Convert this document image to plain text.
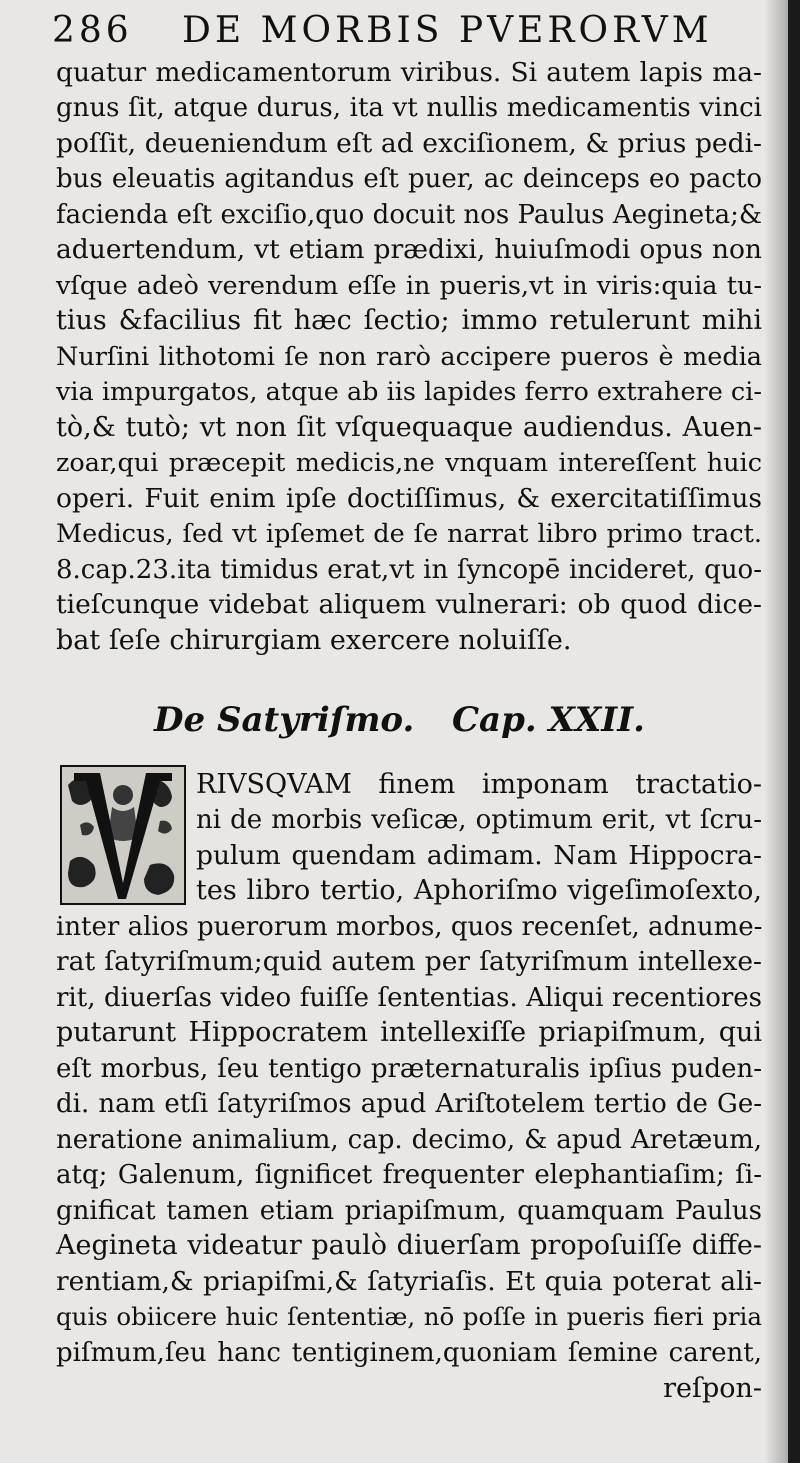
286 DE MORBIS PVERORVM
quatur medicamentorum viribus. Si autem lapis ma-
gnus ſit, atque durus, ita vt nullis medicamentis vinci
poſſit, deueniendum eſt ad exciſionem, & prius pedi-
bus eleuatis agitandus eſt puer, ac deinceps eo pacto
facienda eſt exciſio,quo docuit nos Paulus Aegineta;&
aduertendum, vt etiam prædixi, huiuſmodi opus non
vſque adeò verendum eſſe in pueris,vt in viris:quia tu-
tius &facilius fit hæc ſectio; immo retulerunt mihi
Nurſini lithotomi ſe non rarò accipere pueros è media
via impurgatos, atque ab iis lapides ferro extrahere ci-
tò,& tutò; vt non ſit vſquequaque audiendus. Auen-
zoar,qui præcepit medicis,ne vnquam intereſſent huic
operi. Fuit enim ipſe doctiſſimus, & exercitatiſſimus
Medicus, ſed vt ipſemet de ſe narrat libro primo tract.
8.cap.23.ita timidus erat,vt in ſyncopē incideret, quo-
tieſcunque videbat aliquem vulnerari: ob quod dice-
bat ſeſe chirurgiam exercere noluiſſe.
De Satyriſmo. Cap. XXII.
RIVSQVAM finem imponam tractatio-
ni de morbis veſicæ, optimum erit, vt ſcru-
pulum quendam adimam. Nam Hippocra-
tes libro tertio, Aphoriſmo vigeſimoſexto,
inter alios puerorum morbos, quos recenſet, adnume-
rat ſatyriſmum;quid autem per ſatyriſmum intellexe-
rit, diuerſas video fuiſſe ſententias. Aliqui recentiores
putarunt Hippocratem intellexiſſe priapiſmum, qui
eſt morbus, ſeu tentigo præternaturalis ipſius puden-
di. nam etſi ſatyriſmos apud Ariſtotelem tertio de Ge-
neratione animalium, cap. decimo, & apud Aretæum,
atq; Galenum, ſignificet frequenter elephantiaſim; ſi-
gnificat tamen etiam priapiſmum, quamquam Paulus
Aegineta videatur paulò diuerſam propoſuiſſe diffe-
rentiam,& priapiſmi,& ſatyriaſis. Et quia poterat ali-
quis obiicere huic ſententiæ, nō poſſe in pueris fieri pria
piſmum,ſeu hanc tentiginem,quoniam ſemine carent,
reſpon-
